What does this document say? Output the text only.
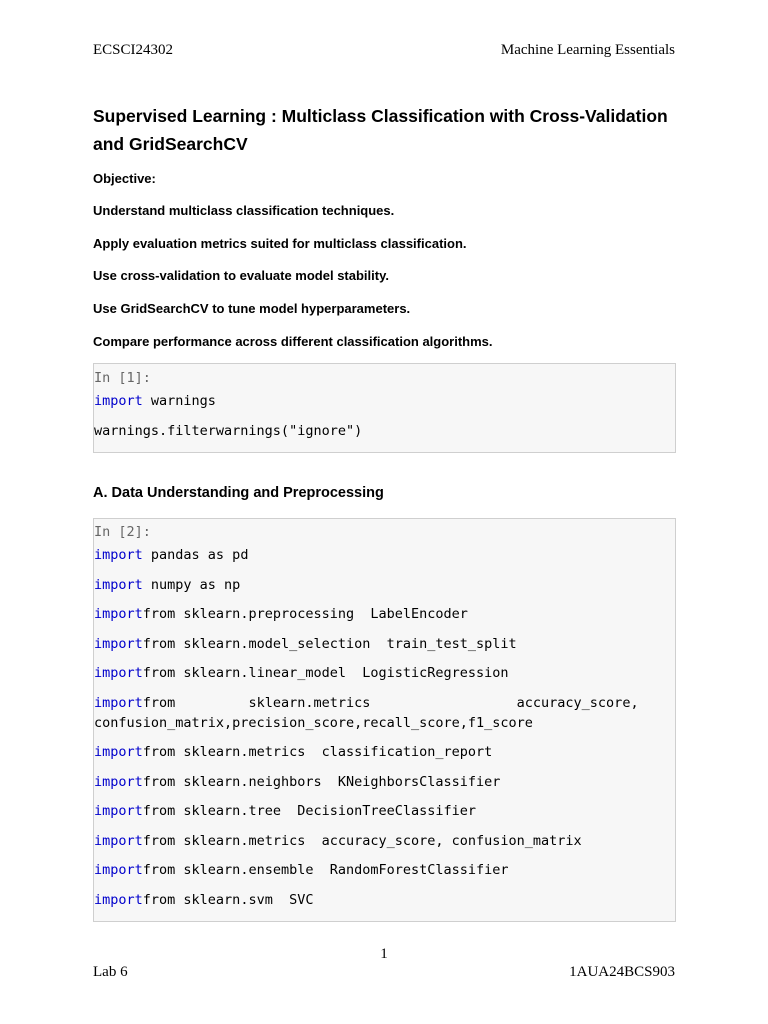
ECSCI24302	Machine Learning Essentials
Supervised Learning : Multiclass Classification with Cross-Validation and GridSearchCV
Objective:
Understand multiclass classification techniques.
Apply evaluation metrics suited for multiclass classification.
Use cross-validation to evaluate model stability.
Use GridSearchCV to tune model hyperparameters.
Compare performance across different classification algorithms.
In [1]:
import warnings
warnings.filterwarnings("ignore")
A. Data Understanding and Preprocessing
In [2]:
import pandas as pd
import numpy as np
importfrom sklearn.preprocessing  LabelEncoder
importfrom sklearn.model_selection  train_test_split
importfrom sklearn.linear_model  LogisticRegression
importfrom         sklearn.metrics                  accuracy_score,
confusion_matrix,precision_score,recall_score,f1_score
importfrom sklearn.metrics  classification_report
importfrom sklearn.neighbors  KNeighborsClassifier
importfrom sklearn.tree  DecisionTreeClassifier
importfrom sklearn.metrics  accuracy_score, confusion_matrix
importfrom sklearn.ensemble  RandomForestClassifier
importfrom sklearn.svm  SVC
1
Lab 6	1AUA24BCS903
